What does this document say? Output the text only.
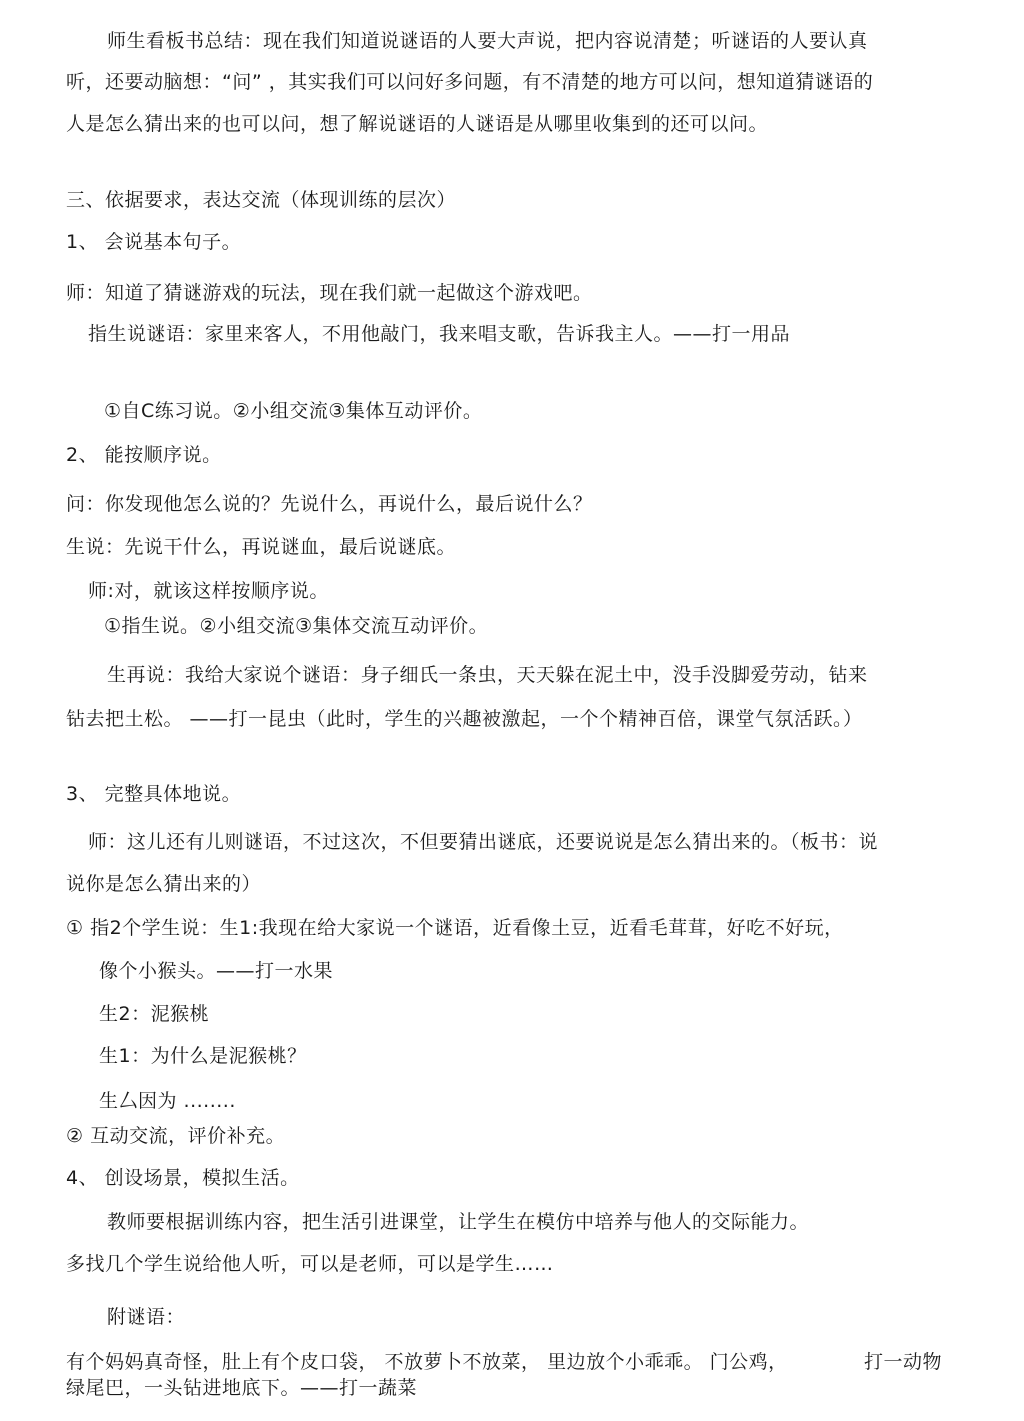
师生看板书总结：现在我们知道说谜语的人要大声说，把内容说清楚；听谜语的人要认真
听，还要动脑想：“问” ，其实我们可以问好多问题，有不清楚的地方可以问，想知道猜谜语的
人是怎么猜出来的也可以问，想了解说谜语的人谜语是从哪里收集到的还可以问。
三、依据要求，表达交流（体现训练的层次）
1、 会说基本句子。
师：知道了猜谜游戏的玩法，现在我们就一起做这个游戏吧。
指生说谜语：家里来客人，不用他敲门，我来唱支歌，告诉我主人。——打一用品
①自C练习说。②小组交流③集体互动评价。
2、 能按顺序说。
问：你发现他怎么说的？先说什么，再说什么，最后说什么？
生说：先说干什么，再说谜血，最后说谜底。
师:对，就该这样按顺序说。
①指生说。②小组交流③集体交流互动评价。
生再说：我给大家说个谜语：身子细氏一条虫，天天躲在泥土中，没手没脚爱劳动，钻来
钻去把土松。 ——打一昆虫（此时，学生的兴趣被激起，一个个精神百倍，课堂气氛活跃。）
3、 完整具体地说。
师：这儿还有儿则谜语，不过这次，不但要猜出谜底，还要说说是怎么猜出来的。（板书：说
说你是怎么猜出来的）
① 指2个学生说：生1:我现在给大家说一个谜语，近看像土豆，近看毛茸茸，好吃不好玩，
像个小猴头。——打一水果
生2：泥猴桃
生1：为什么是泥猴桃？
生厶因为 ........
② 互动交流，评价补充。
4、 创设场景，模拟生活。
教师要根据训练内容，把生活引进课堂，让学生在模仿中培养与他人的交际能力。
多找几个学生说给他人听，可以是老师，可以是学生……
附谜语：
有个妈妈真奇怪，肚上有个皮口袋， 不放萝卜不放菜， 里边放个小乖乖。 门公鸡，	打一动物
绿尾巴，一头钻进地底下。——打一蔬菜
